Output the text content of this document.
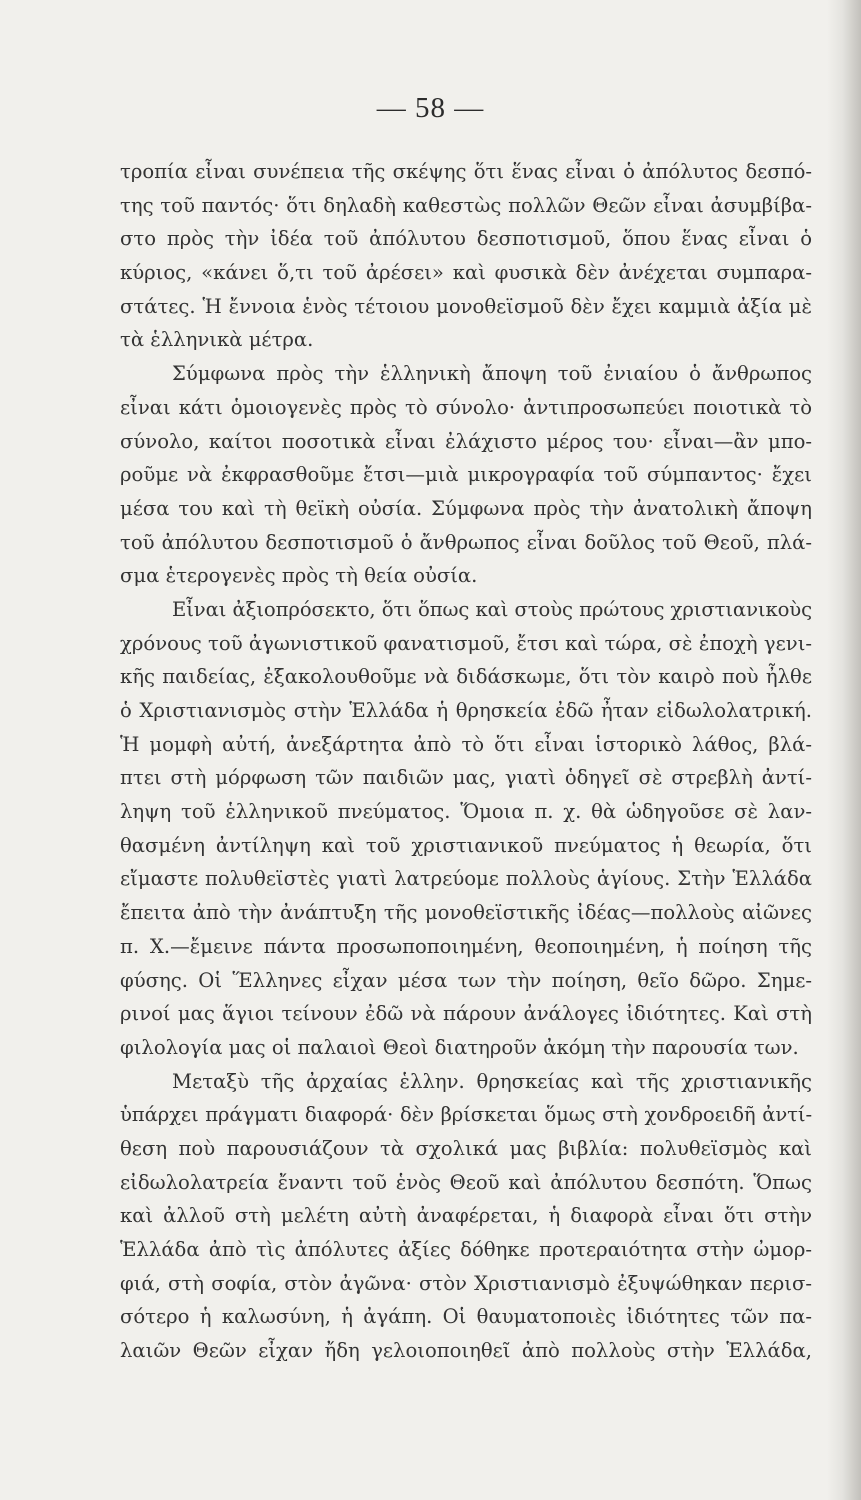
— 58 —
τροπία εἶναι συνέπεια τῆς σκέψης ὅτι ἕνας εἶναι ὁ ἀπόλυτος δεσπό-
της τοῦ παντός· ὅτι δηλαδὴ καθεστὼς πολλῶν Θεῶν εἶναι ἀσυμβίβα-
στο πρὸς τὴν ἰδέα τοῦ ἀπόλυτου δεσποτισμοῦ, ὅπου ἕνας εἶναι ὁ
κύριος, «κάνει ὅ,τι τοῦ ἀρέσει» καὶ φυσικὰ δὲν ἀνέχεται συμπαρα-
στάτες. Ἡ ἔννοια ἑνὸς τέτοιου μονοθεϊσμοῦ δὲν ἔχει καμμιὰ ἀξία μὲ
τὰ ἑλληνικὰ μέτρα.
Σύμφωνα πρὸς τὴν ἑλληνικὴ ἄποψη τοῦ ἐνιαίου ὁ ἄνθρωπος
εἶναι κάτι ὁμοιογενὲς πρὸς τὸ σύνολο· ἀντιπροσωπεύει ποιοτικὰ τὸ
σύνολο, καίτοι ποσοτικὰ εἶναι ἐλάχιστο μέρος του· εἶναι—ἂν μπο-
ροῦμε νὰ ἐκφρασθοῦμε ἔτσι—μιὰ μικρογραφία τοῦ σύμπαντος· ἔχει
μέσα του καὶ τὴ θεϊκὴ οὐσία. Σύμφωνα πρὸς τὴν ἀνατολικὴ ἄποψη
τοῦ ἀπόλυτου δεσποτισμοῦ ὁ ἄνθρωπος εἶναι δοῦλος τοῦ Θεοῦ, πλά-
σμα ἑτερογενὲς πρὸς τὴ θεία οὐσία.
Εἶναι ἀξιοπρόσεκτο, ὅτι ὅπως καὶ στοὺς πρώτους χριστιανικοὺς
χρόνους τοῦ ἀγωνιστικοῦ φανατισμοῦ, ἔτσι καὶ τώρα, σὲ ἐποχὴ γενι-
κῆς παιδείας, ἐξακολουθοῦμε νὰ διδάσκωμε, ὅτι τὸν καιρὸ ποὺ ἦλθε
ὁ Χριστιανισμὸς στὴν Ἑλλάδα ἡ θρησκεία ἐδῶ ἦταν εἰδωλολατρική.
Ἡ μομφὴ αὐτή, ἀνεξάρτητα ἀπὸ τὸ ὅτι εἶναι ἱστορικὸ λάθος, βλά-
πτει στὴ μόρφωση τῶν παιδιῶν μας, γιατὶ ὁδηγεῖ σὲ στρεβλὴ ἀντί-
ληψη τοῦ ἑλληνικοῦ πνεύματος. Ὅμοια π. χ. θὰ ὡδηγοῦσε σὲ λαν-
θασμένη ἀντίληψη καὶ τοῦ χριστιανικοῦ πνεύματος ἡ θεωρία, ὅτι
εἴμαστε πολυθεϊστὲς γιατὶ λατρεύομε πολλοὺς ἁγίους. Στὴν Ἑλλάδα
ἔπειτα ἀπὸ τὴν ἀνάπτυξη τῆς μονοθεϊστικῆς ἰδέας—πολλοὺς αἰῶνες
π. Χ.—ἔμεινε πάντα προσωποποιημένη, θεοποιημένη, ἡ ποίηση τῆς
φύσης. Οἱ Ἕλληνες εἶχαν μέσα των τὴν ποίηση, θεῖο δῶρο. Σημε-
ρινοί μας ἅγιοι τείνουν ἐδῶ νὰ πάρουν ἀνάλογες ἰδιότητες. Καὶ στὴ
φιλολογία μας οἱ παλαιοὶ Θεοὶ διατηροῦν ἀκόμη τὴν παρουσία των.
Μεταξὺ τῆς ἀρχαίας ἑλλην. θρησκείας καὶ τῆς χριστιανικῆς
ὑπάρχει πράγματι διαφορά· δὲν βρίσκεται ὅμως στὴ χονδροειδῆ ἀντί-
θεση ποὺ παρουσιάζουν τὰ σχολικά μας βιβλία: πολυθεϊσμὸς καὶ
εἰδωλολατρεία ἔναντι τοῦ ἑνὸς Θεοῦ καὶ ἀπόλυτου δεσπότη. Ὅπως
καὶ ἀλλοῦ στὴ μελέτη αὐτὴ ἀναφέρεται, ἡ διαφορὰ εἶναι ὅτι στὴν
Ἑλλάδα ἀπὸ τὶς ἀπόλυτες ἀξίες δόθηκε προτεραιότητα στὴν ὠμορ-
φιά, στὴ σοφία, στὸν ἀγῶνα· στὸν Χριστιανισμὸ ἐξυψώθηκαν περισ-
σότερο ἡ καλωσύνη, ἡ ἀγάπη. Οἱ θαυματοποιὲς ἰδιότητες τῶν πα-
λαιῶν Θεῶν εἶχαν ἤδη γελοιοποιηθεῖ ἀπὸ πολλοὺς στὴν Ἑλλάδα,
